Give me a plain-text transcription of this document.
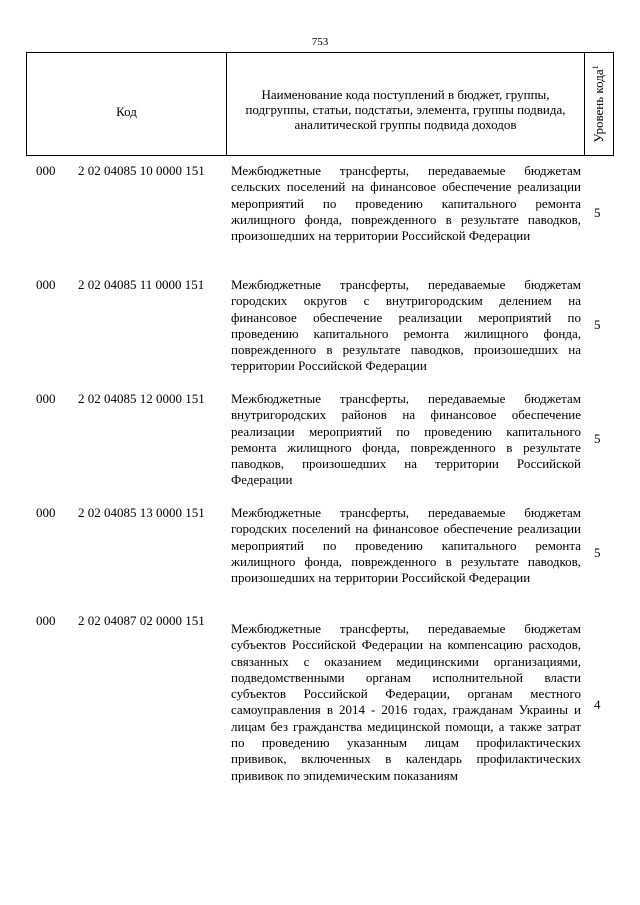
753
Код
Наименование кода поступлений в бюджет, группы, подгруппы, статьи, подстатьи, элемента, группы подвида, аналитической группы подвида доходов	Уровень кода$^1$
000 2 02 04085 10 0000 151 Межбюджетные трансферты, передаваемые бюджетам сельских поселений на финансовое обеспечение реализации мероприятий по проведению капитального ремонта жилищного фонда, поврежденного в результате паводков, произошедших на территории Российской Федерации
5
000 2 02 04085 11 0000 151 Межбюджетные трансферты, передаваемые бюджетам городских округов с внутригородским делением на финансовое обеспечение реализации мероприятий по проведению капитального ремонта жилищного фонда, поврежденного в результате паводков, произошедших на территории Российской Федерации
5
000 2 02 04085 12 0000 151 Межбюджетные трансферты, передаваемые бюджетам внутригородских районов на финансовое обеспечение реализации мероприятий по проведению капитального ремонта жилищного фонда, поврежденного в результате паводков, произошедших на территории Российской Федерации
5
000 2 02 04085 13 0000 151 Межбюджетные трансферты, передаваемые бюджетам городских поселений на финансовое обеспечение реализации мероприятий по проведению капитального ремонта жилищного фонда, поврежденного в результате паводков, произошедших на территории Российской Федерации
5
000 2 02 04087 02 0000 151
Межбюджетные трансферты, передаваемые бюджетам субъектов Российской Федерации на компенсацию расходов, связанных с оказанием медицинскими организациями, подведомственными органам исполнительной власти субъектов Российской Федерации, органам местного самоуправления в 2014 - 2016 годах, гражданам Украины и лицам без гражданства медицинской помощи, а также затрат по проведению указанным лицам профилактических прививок, включенных в календарь профилактических прививок по эпидемическим показаниям
4
